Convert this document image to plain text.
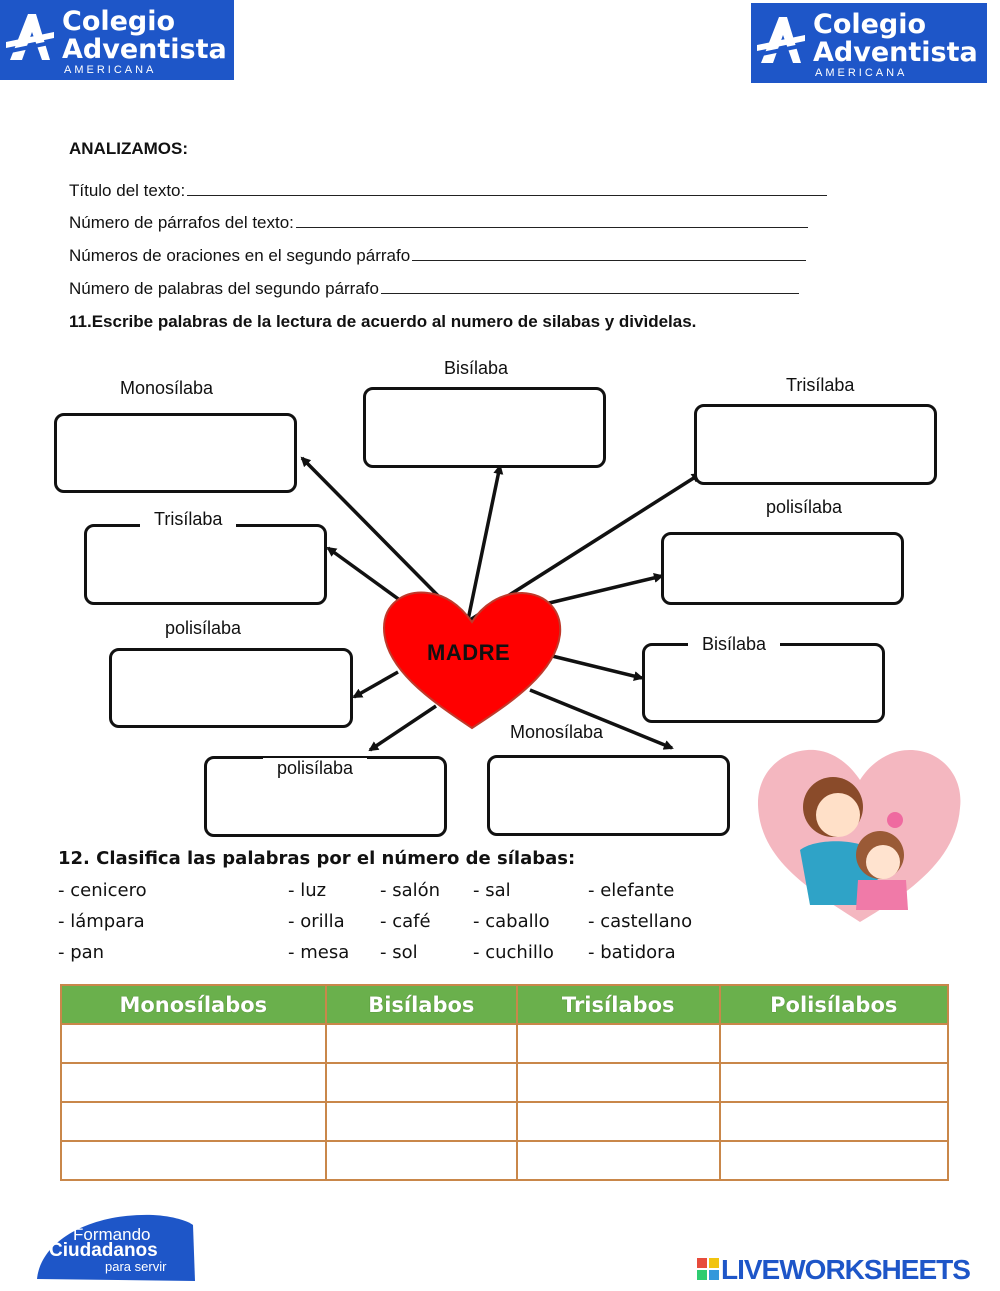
Colegio
Adventista
AMERICANA
Colegio
Adventista
AMERICANA
ANALIZAMOS:
Título del texto:
Número de párrafos del texto:
Números de oraciones en el segundo párrafo
Número de palabras del segundo párrafo
11.Escribe palabras de la lectura de acuerdo al numero de silabas y divìdelas.
Monosílaba
Bisílaba
Trisílaba
Trisílaba
polisílaba
polisílaba
Bisílaba
polisílaba
Monosílaba
MADRE
12. Clasifica las palabras por el número de sílabas:
- cenicero	- luz	- salón - sal	- elefante
- lámpara	- orilla - café - caballo - castellano
- pan	- mesa - sol	- cuchillo - batidora
Monosílabos	Bisílabos	Trisílabos	Polisílabos

Formando
Ciudadanos
para servir	LIVEWORKSHEETS
